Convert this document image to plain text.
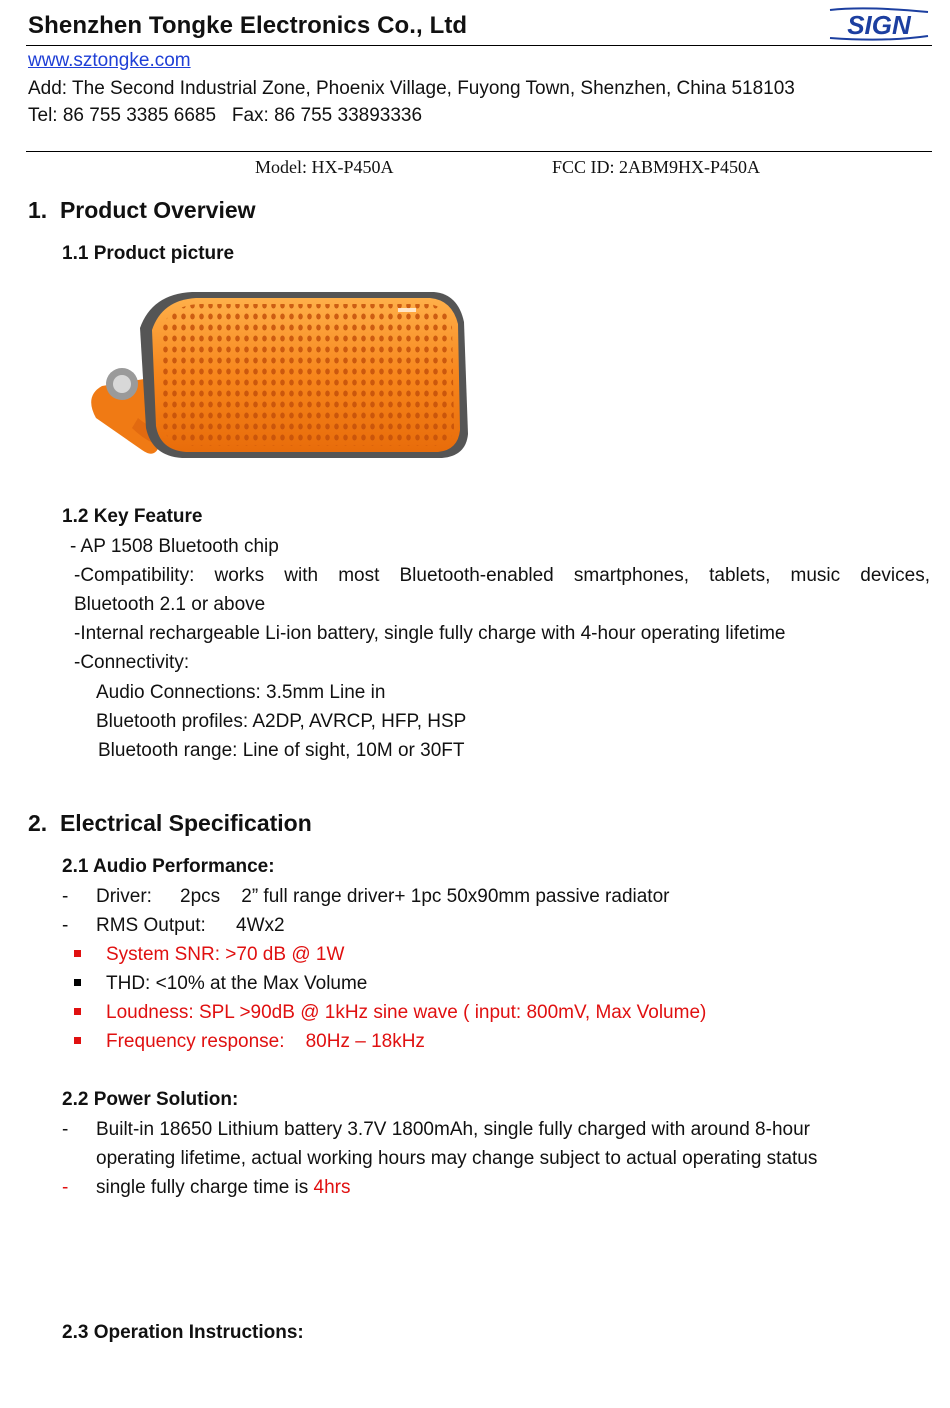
Shenzhen Tongke Electronics Co., Ltd	SIGN
www.sztongke.com
Add: The Second Industrial Zone, Phoenix Village, Fuyong Town, Shenzhen, China 518103
Tel: 86 755 3385 6685   Fax: 86 755 33893336
Model: HX-P450A	FCC ID: 2ABM9HX-P450A
1.  Product Overview
1.1 Product picture
1.2 Key Feature
- AP 1508 Bluetooth chip
-Compatibility: works with most Bluetooth-enabled smartphones, tablets, music devices,
Bluetooth 2.1 or above
-Internal rechargeable Li-ion battery, single fully charge with 4-hour operating lifetime
-Connectivity:
Audio Connections: 3.5mm Line in
Bluetooth profiles: A2DP, AVRCP, HFP, HSP
Bluetooth range: Line of sight, 10M or 30FT
2.  Electrical Specification
2.1 Audio Performance:
- Driver: 2pcs    2” full range driver+ 1pc 50x90mm passive radiator
- RMS Output: 4Wx2
System SNR: >70 dB @ 1W
THD: <10% at the Max Volume
Loudness: SPL >90dB @ 1kHz sine wave ( input: 800mV, Max Volume)
Frequency response:    80Hz – 18kHz
2.2 Power Solution:
- Built-in 18650 Lithium battery 3.7V 1800mAh, single fully charged with around 8-hour
operating lifetime, actual working hours may change subject to actual operating status
- single fully charge time is 4hrs
2.3 Operation Instructions:
